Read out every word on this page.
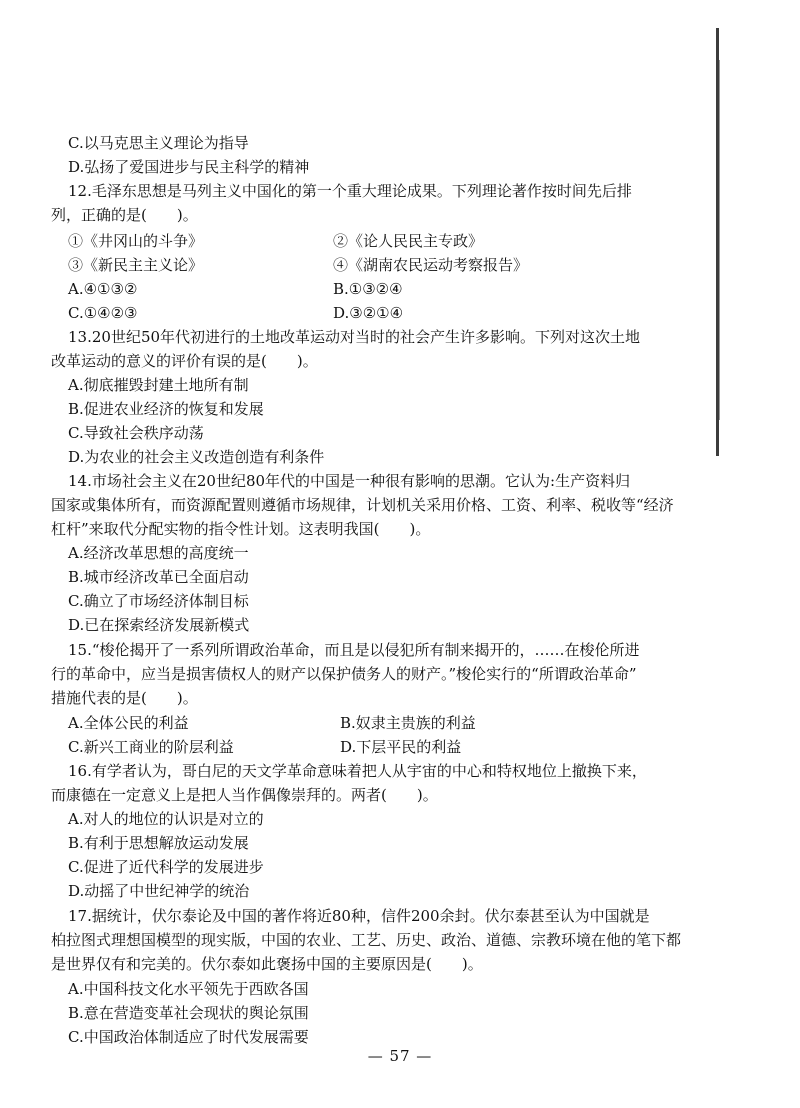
C.以马克思主义理论为指导
D.弘扬了爱国进步与民主科学的精神
12.毛泽东思想是马列主义中国化的第一个重大理论成果。下列理论著作按时间先后排
列，正确的是(　　)。
①《井冈山的斗争》	②《论人民民主专政》
③《新民主主义论》	④《湖南农民运动考察报告》
A.④①③②	B.①③②④
C.①④②③	D.③②①④
13.20世纪50年代初进行的土地改革运动对当时的社会产生许多影响。下列对这次土地
改革运动的意义的评价有误的是(　　)。
A.彻底摧毁封建土地所有制
B.促进农业经济的恢复和发展
C.导致社会秩序动荡
D.为农业的社会主义改造创造有利条件
14.市场社会主义在20世纪80年代的中国是一种很有影响的思潮。它认为:生产资料归
国家或集体所有，而资源配置则遵循市场规律，计划机关采用价格、工资、利率、税收等“经济
杠杆”来取代分配实物的指令性计划。这表明我国(　　)。
A.经济改革思想的高度统一
B.城市经济改革已全面启动
C.确立了市场经济体制目标
D.已在探索经济发展新模式
15.“梭伦揭开了一系列所谓政治革命，而且是以侵犯所有制来揭开的，……在梭伦所进
行的革命中，应当是损害债权人的财产以保护债务人的财产。”梭伦实行的“所谓政治革命”
措施代表的是(　　)。
A.全体公民的利益	B.奴隶主贵族的利益
C.新兴工商业的阶层利益	D.下层平民的利益
16.有学者认为，哥白尼的天文学革命意味着把人从宇宙的中心和特权地位上撤换下来，
而康德在一定意义上是把人当作偶像崇拜的。两者(　　)。
A.对人的地位的认识是对立的
B.有利于思想解放运动发展
C.促进了近代科学的发展进步
D.动摇了中世纪神学的统治
17.据统计，伏尔泰论及中国的著作将近80种，信件200余封。伏尔泰甚至认为中国就是
柏拉图式理想国模型的现实版，中国的农业、工艺、历史、政治、道德、宗教环境在他的笔下都
是世界仅有和完美的。伏尔泰如此褒扬中国的主要原因是(　　)。
A.中国科技文化水平领先于西欧各国
B.意在营造变革社会现状的舆论氛围
C.中国政治体制适应了时代发展需要
— 57 —
